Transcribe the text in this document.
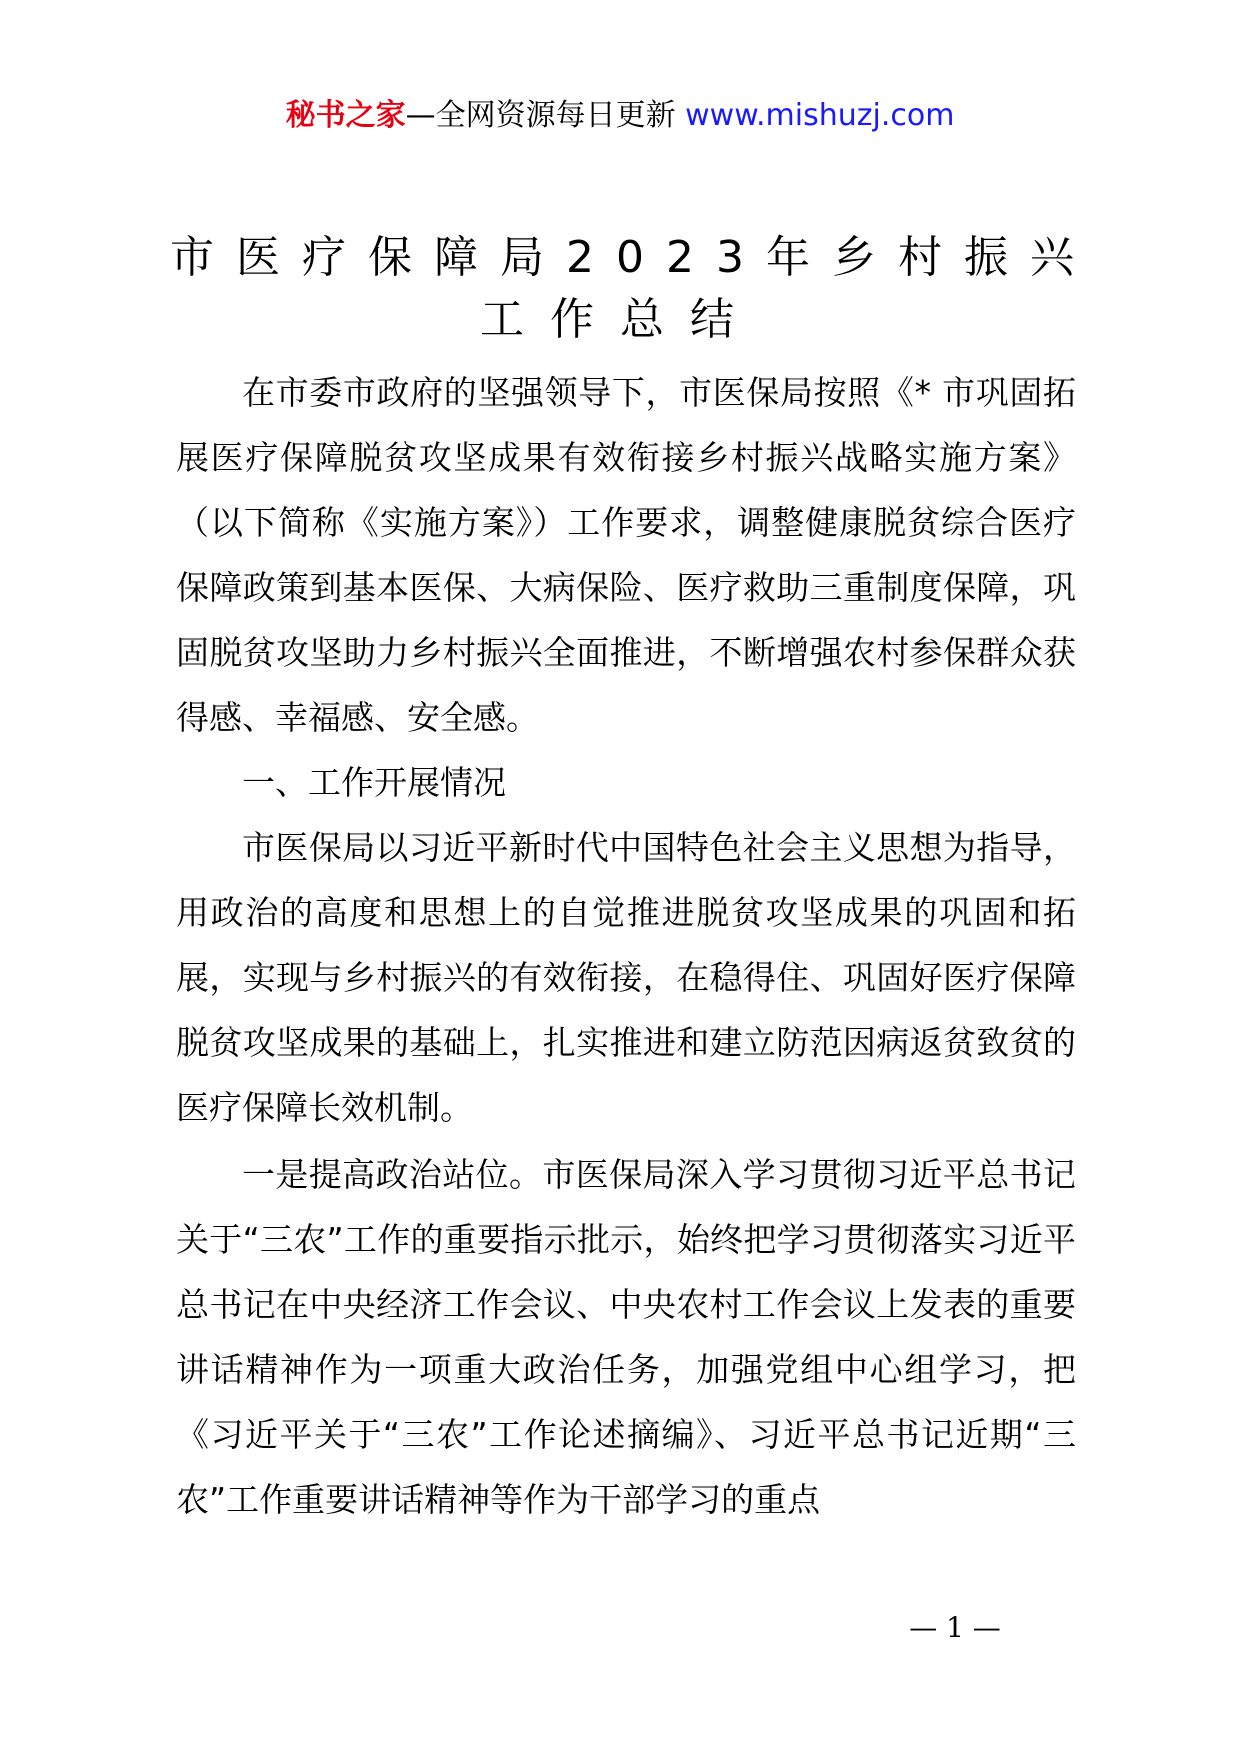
秘书之家—全网资源每日更新 www.mishuzj.com
市医疗保障局2023年乡村振兴
工作总结

在市委市政府的坚强领导下，市医保局按照《* 市巩固拓展医疗保障脱贫攻坚成果有效衔接乡村振兴战略实施方案》（以下简称《实施方案》）工作要求，调整健康脱贫综合医疗保障政策到基本医保、大病保险、医疗救助三重制度保障，巩固脱贫攻坚助力乡村振兴全面推进，不断增强农村参保群众获得感、幸福感、安全感。

一、工作开展情况

市医保局以习近平新时代中国特色社会主义思想为指导，用政治的高度和思想上的自觉推进脱贫攻坚成果的巩固和拓展，实现与乡村振兴的有效衔接，在稳得住、巩固好医疗保障脱贫攻坚成果的基础上，扎实推进和建立防范因病返贫致贫的医疗保障长效机制。

一是提高政治站位。市医保局深入学习贯彻习近平总书记关于“三农”工作的重要指示批示，始终把学习贯彻落实习近平总书记在中央经济工作会议、中央农村工作会议上发表的重要讲话精神作为一项重大政治任务，加强党组中心组学习，把《习近平关于“三农”工作论述摘编》、习近平总书记近期“三农”工作重要讲话精神等作为干部学习的重点

— 1 —
